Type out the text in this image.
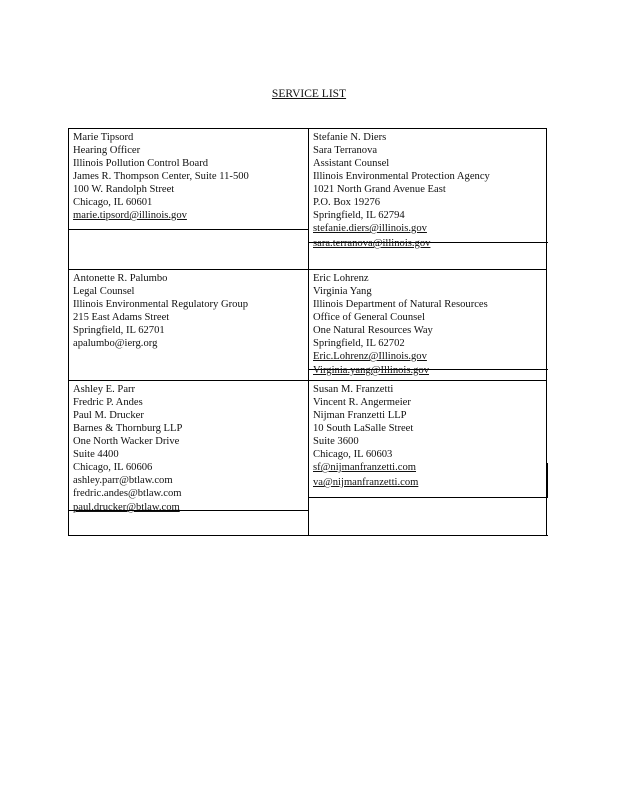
SERVICE LIST
Marie Tipsord
Hearing Officer
Illinois Pollution Control Board
James R. Thompson Center, Suite 11-500
100 W. Randolph Street
Chicago, IL 60601
marie.tipsord@illinois.gov
Stefanie N. Diers
Sara Terranova
Assistant Counsel
Illinois Environmental Protection Agency
1021 North Grand Avenue East
P.O. Box 19276
Springfield, IL 62794
stefanie.diers@illinois.gov
sara.terranova@illinois.gov
Antonette R. Palumbo
Legal Counsel
Illinois Environmental Regulatory Group
215 East Adams Street
Springfield, IL 62701
apalumbo@ierg.org
Eric Lohrenz
Virginia Yang
Illinois Department of Natural Resources
Office of General Counsel
One Natural Resources Way
Springfield, IL 62702
Eric.Lohrenz@Illinois.gov
Virginia.yang@Illinois.gov
Ashley E. Parr
Fredric P. Andes
Paul M. Drucker
Barnes & Thornburg LLP
One North Wacker Drive
Suite 4400
Chicago, IL 60606
ashley.parr@btlaw.com
fredric.andes@btlaw.com
paul.drucker@btlaw.com
Susan M. Franzetti
Vincent R. Angermeier
Nijman Franzetti LLP
10 South LaSalle Street
Suite 3600
Chicago, IL 60603
sf@nijmanfranzetti.com
va@nijmanfranzetti.com
